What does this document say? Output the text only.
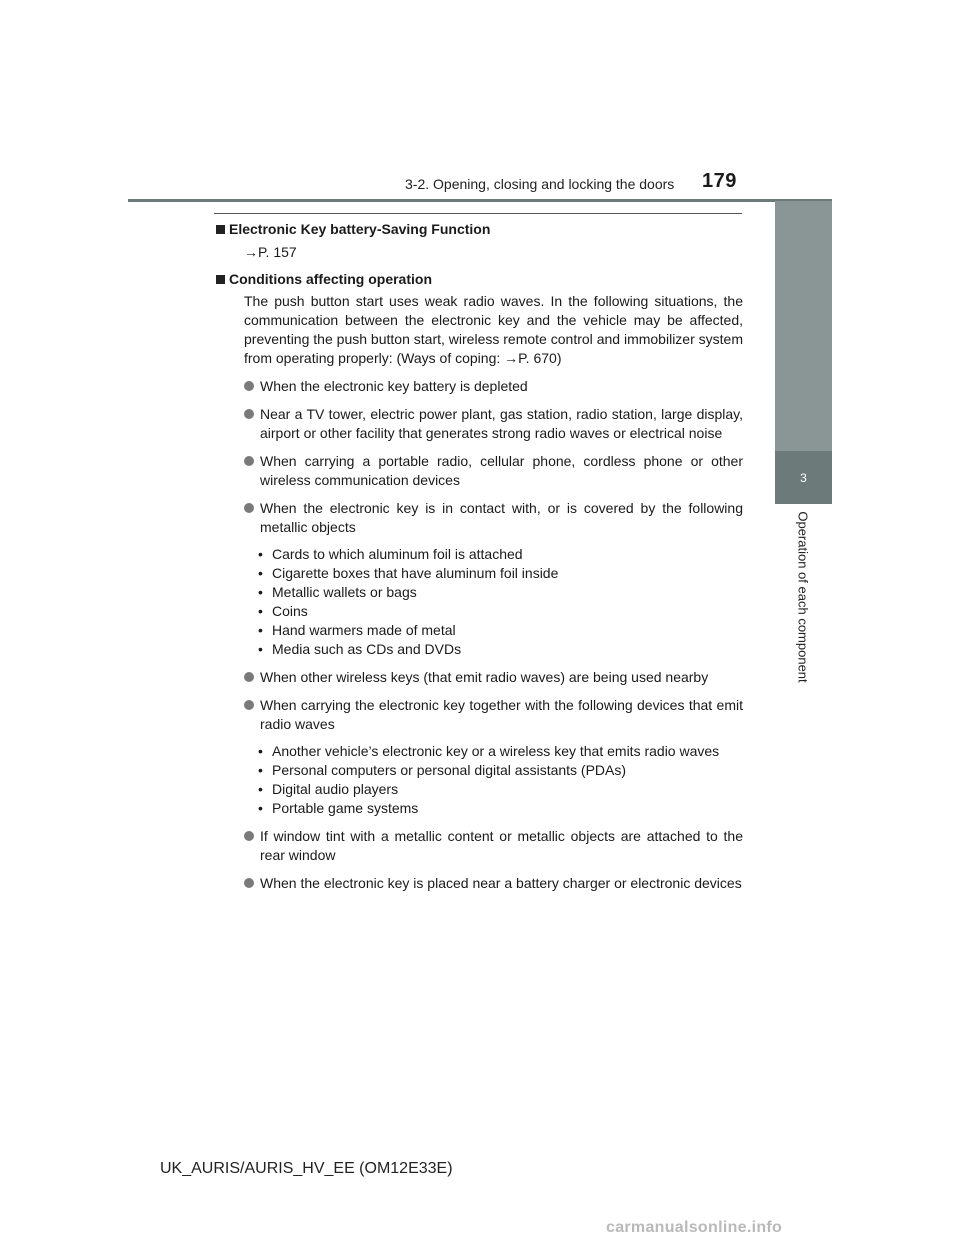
3-2. Opening, closing and locking the doors 179
3
Operation of each component

Electronic Key battery-Saving Function

→P. 157

Conditions affecting operation

The push button start uses weak radio waves. In the following situations, the communication between the electronic key and the vehicle may be affected, preventing the push button start, wireless remote control and immobilizer system from operating properly: (Ways of coping: →P. 670)

When the electronic key battery is depleted
Near a TV tower, electric power plant, gas station, radio station, large display, airport or other facility that generates strong radio waves or electrical noise
When carrying a portable radio, cellular phone, cordless phone or other wireless communication devices
When the electronic key is in contact with, or is covered by the following metallic objects
• Cards to which aluminum foil is attached
• Cigarette boxes that have aluminum foil inside
• Metallic wallets or bags
• Coins
• Hand warmers made of metal
• Media such as CDs and DVDs
When other wireless keys (that emit radio waves) are being used nearby
When carrying the electronic key together with the following devices that emit radio waves
• Another vehicle’s electronic key or a wireless key that emits radio waves
• Personal computers or personal digital assistants (PDAs)
• Digital audio players
• Portable game systems
If window tint with a metallic content or metallic objects are attached to the rear window
When the electronic key is placed near a battery charger or electronic devices
UK_AURIS/AURIS_HV_EE (OM12E33E)
carmanualsonline.info
